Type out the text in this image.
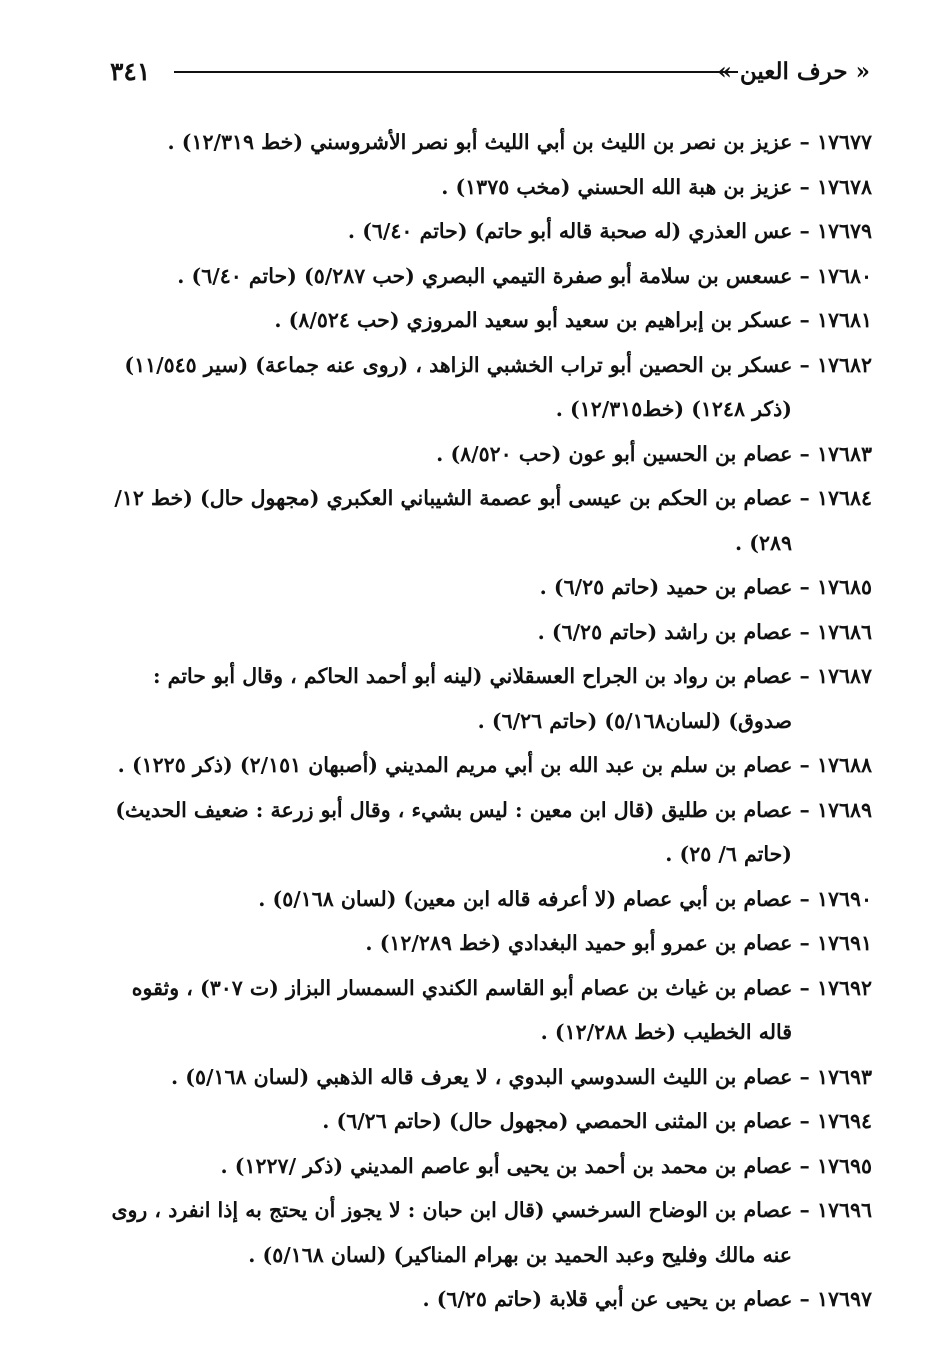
٣٤١	« حرف العين »

١٧٦٧٧ – عزيز بن نصر بن الليث بن أبي الليث أبو نصر الأشروسني (خط ١٢/٣١٩) .

١٧٦٧٨ – عزيز بن هبة الله الحسني (مخب ١٣٧٥) .

١٧٦٧٩ – عس العذري (له صحبة قاله أبو حاتم) (حاتم ٦/٤٠) .

١٧٦٨٠ – عسعس بن سلامة أبو صفرة التيمي البصري (حب ٥/٢٨٧) (حاتم ٦/٤٠) .

١٧٦٨١ – عسكر بن إبراهيم بن سعيد أبو سعيد المروزي (حب ٨/٥٢٤) .

١٧٦٨٢ – عسكر بن الحصين أبو تراب الخشبي الزاهد ، (روى عنه جماعة) (سير ١١/٥٤٥) (ذكر ١٢٤٨) (خط١٢/٣١٥) .

١٧٦٨٣ – عصام بن الحسين أبو عون (حب ٨/٥٢٠) .

١٧٦٨٤ – عصام بن الحكم بن عيسى أبو عصمة الشيباني العكبري (مجهول حال) (خط ١٢/ ٢٨٩) .

١٧٦٨٥ – عصام بن حميد (حاتم ٦/٢٥) .

١٧٦٨٦ – عصام بن راشد (حاتم ٦/٢٥) .

١٧٦٨٧ – عصام بن رواد بن الجراح العسقلاني (لينه أبو أحمد الحاكم ، وقال أبو حاتم : صدوق) (لسان٥/١٦٨) (حاتم ٦/٢٦) .

١٧٦٨٨ – عصام بن سلم بن عبد الله بن أبي مريم المديني (أصبهان ٢/١٥١) (ذكر ١٢٢٥) .

١٧٦٨٩ – عصام بن طليق (قال ابن معين : ليس بشيء ، وقال أبو زرعة : ضعيف الحديث) (حاتم ٦/ ٢٥) .

١٧٦٩٠ – عصام بن أبي عصام (لا أعرفه قاله ابن معين) (لسان ٥/١٦٨) .

١٧٦٩١ – عصام بن عمرو أبو حميد البغدادي (خط ١٢/٢٨٩) .

١٧٦٩٢ – عصام بن غياث بن عصام أبو القاسم الكندي السمسار البزاز (ت ٣٠٧) ، وثقوه قاله الخطيب (خط ١٢/٢٨٨) .

١٧٦٩٣ – عصام بن الليث السدوسي البدوي ، لا يعرف قاله الذهبي (لسان ٥/١٦٨) .

١٧٦٩٤ – عصام بن المثنى الحمصي (مجهول حال) (حاتم ٦/٢٦) .

١٧٦٩٥ – عصام بن محمد بن أحمد بن يحيى أبو عاصم المديني (ذكر /١٢٢٧) .

١٧٦٩٦ – عصام بن الوضاح السرخسي (قال ابن حبان : لا يجوز أن يحتج به إذا انفرد ، روى عنه مالك وفليح وعبد الحميد بن بهرام المناكير) (لسان ٥/١٦٨) .

١٧٦٩٧ – عصام بن يحيى عن أبي قلابة (حاتم ٦/٢٥) .
